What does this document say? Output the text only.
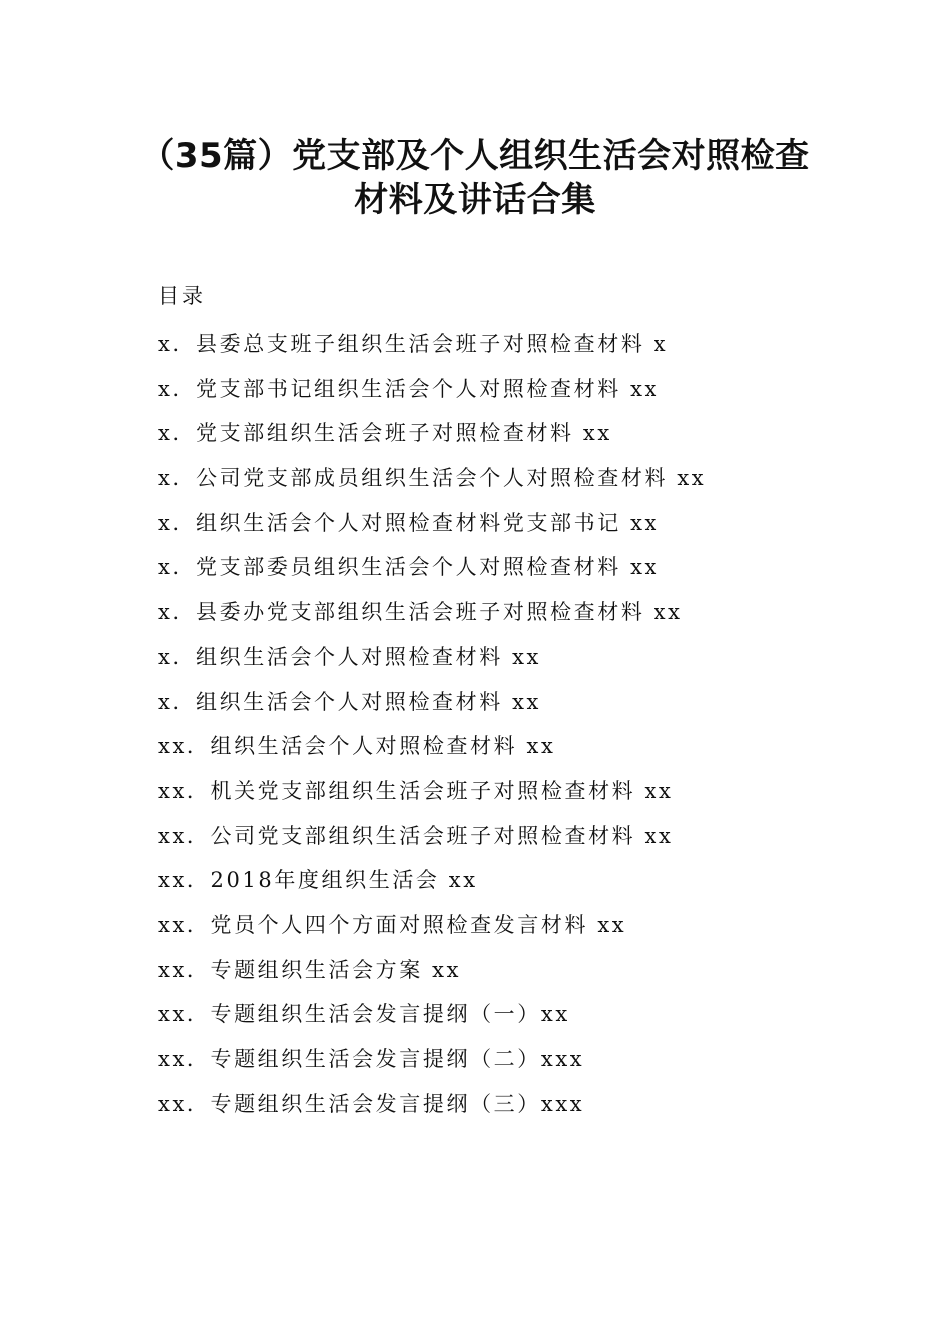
（35篇）党支部及个人组织生活会对照检查
材料及讲话合集
目录
x．县委总支班子组织生活会班子对照检查材料 x
x．党支部书记组织生活会个人对照检查材料 xx
x．党支部组织生活会班子对照检查材料 xx
x．公司党支部成员组织生活会个人对照检查材料 xx
x．组织生活会个人对照检查材料党支部书记 xx
x．党支部委员组织生活会个人对照检查材料 xx
x．县委办党支部组织生活会班子对照检查材料 xx
x．组织生活会个人对照检查材料 xx
x．组织生活会个人对照检查材料 xx
xx．组织生活会个人对照检查材料 xx
xx．机关党支部组织生活会班子对照检查材料 xx
xx．公司党支部组织生活会班子对照检查材料 xx
xx．2018年度组织生活会 xx
xx．党员个人四个方面对照检查发言材料 xx
xx．专题组织生活会方案 xx
xx．专题组织生活会发言提纲（一）xx
xx．专题组织生活会发言提纲（二）xxx
xx．专题组织生活会发言提纲（三）xxx
